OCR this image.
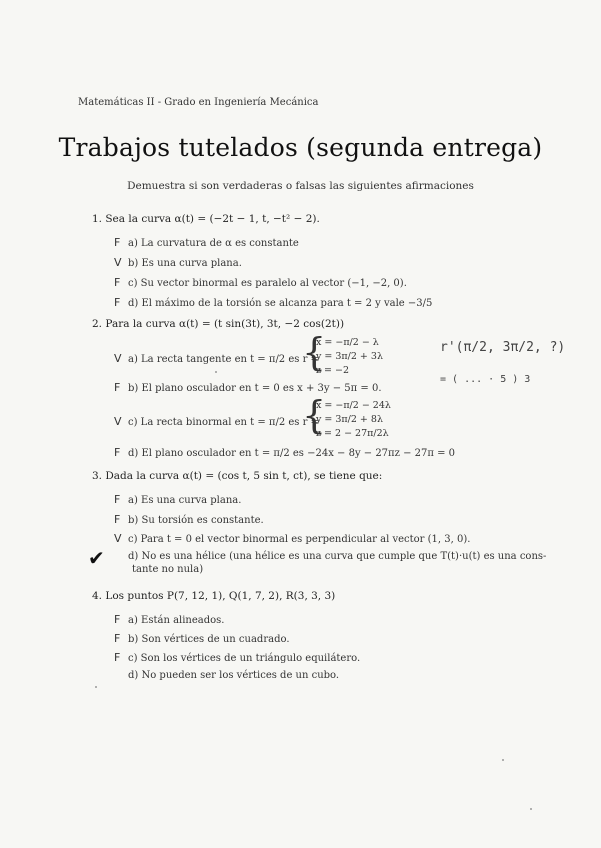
Matemáticas II - Grado en Ingeniería Mecánica
Trabajos tutelados (segunda entrega)
Demuestra si son verdaderas o falsas las siguientes afirmaciones
1. Sea la curva α(t) = (−2t − 1, t, −t² − 2).
F a) La curvatura de α es constante
V b) Es una curva plana.
F c) Su vector binormal es paralelo al vector (−1, −2, 0).
F d) El máximo de la torsión se alcanza para t = 2 y vale −3/5
2. Para la curva α(t) = (t sin(3t), 3t, −2 cos(2t))
V a) La recta tangente en t = π/2 es r =
{
x = −π/2 − λ
y = 3π/2 + 3λ
z = −2
F b) El plano osculador en t = 0 es x + 3y − 5π = 0.
V c) La recta binormal en t = π/2 es r =
{
x = −π/2 − 24λ
y = 3π/2 + 8λ
z = 2 − 27π/2λ
F d) El plano osculador en t = π/2 es −24x − 8y − 27πz − 27π = 0
3. Dada la curva α(t) = (cos t, 5 sin t, ct), se tiene que:
F a) Es una curva plana.
F b) Su torsión es constante.
V c) Para t = 0 el vector binormal es perpendicular al vector (1, 3, 0).
✔	d) No es una hélice (una hélice es una curva que cumple que T(t)·u(t) es una cons-
tante no nula)
4. Los puntos P(7, 12, 1), Q(1, 7, 2), R(3, 3, 3)
F a) Están alineados.
F b) Son vértices de un cuadrado.
F c) Son los vértices de un triángulo equilátero.
d) No pueden ser los vértices de un cubo.
r'(π/2, 3π/2, ?)
= ( ... · 5 ) 3
